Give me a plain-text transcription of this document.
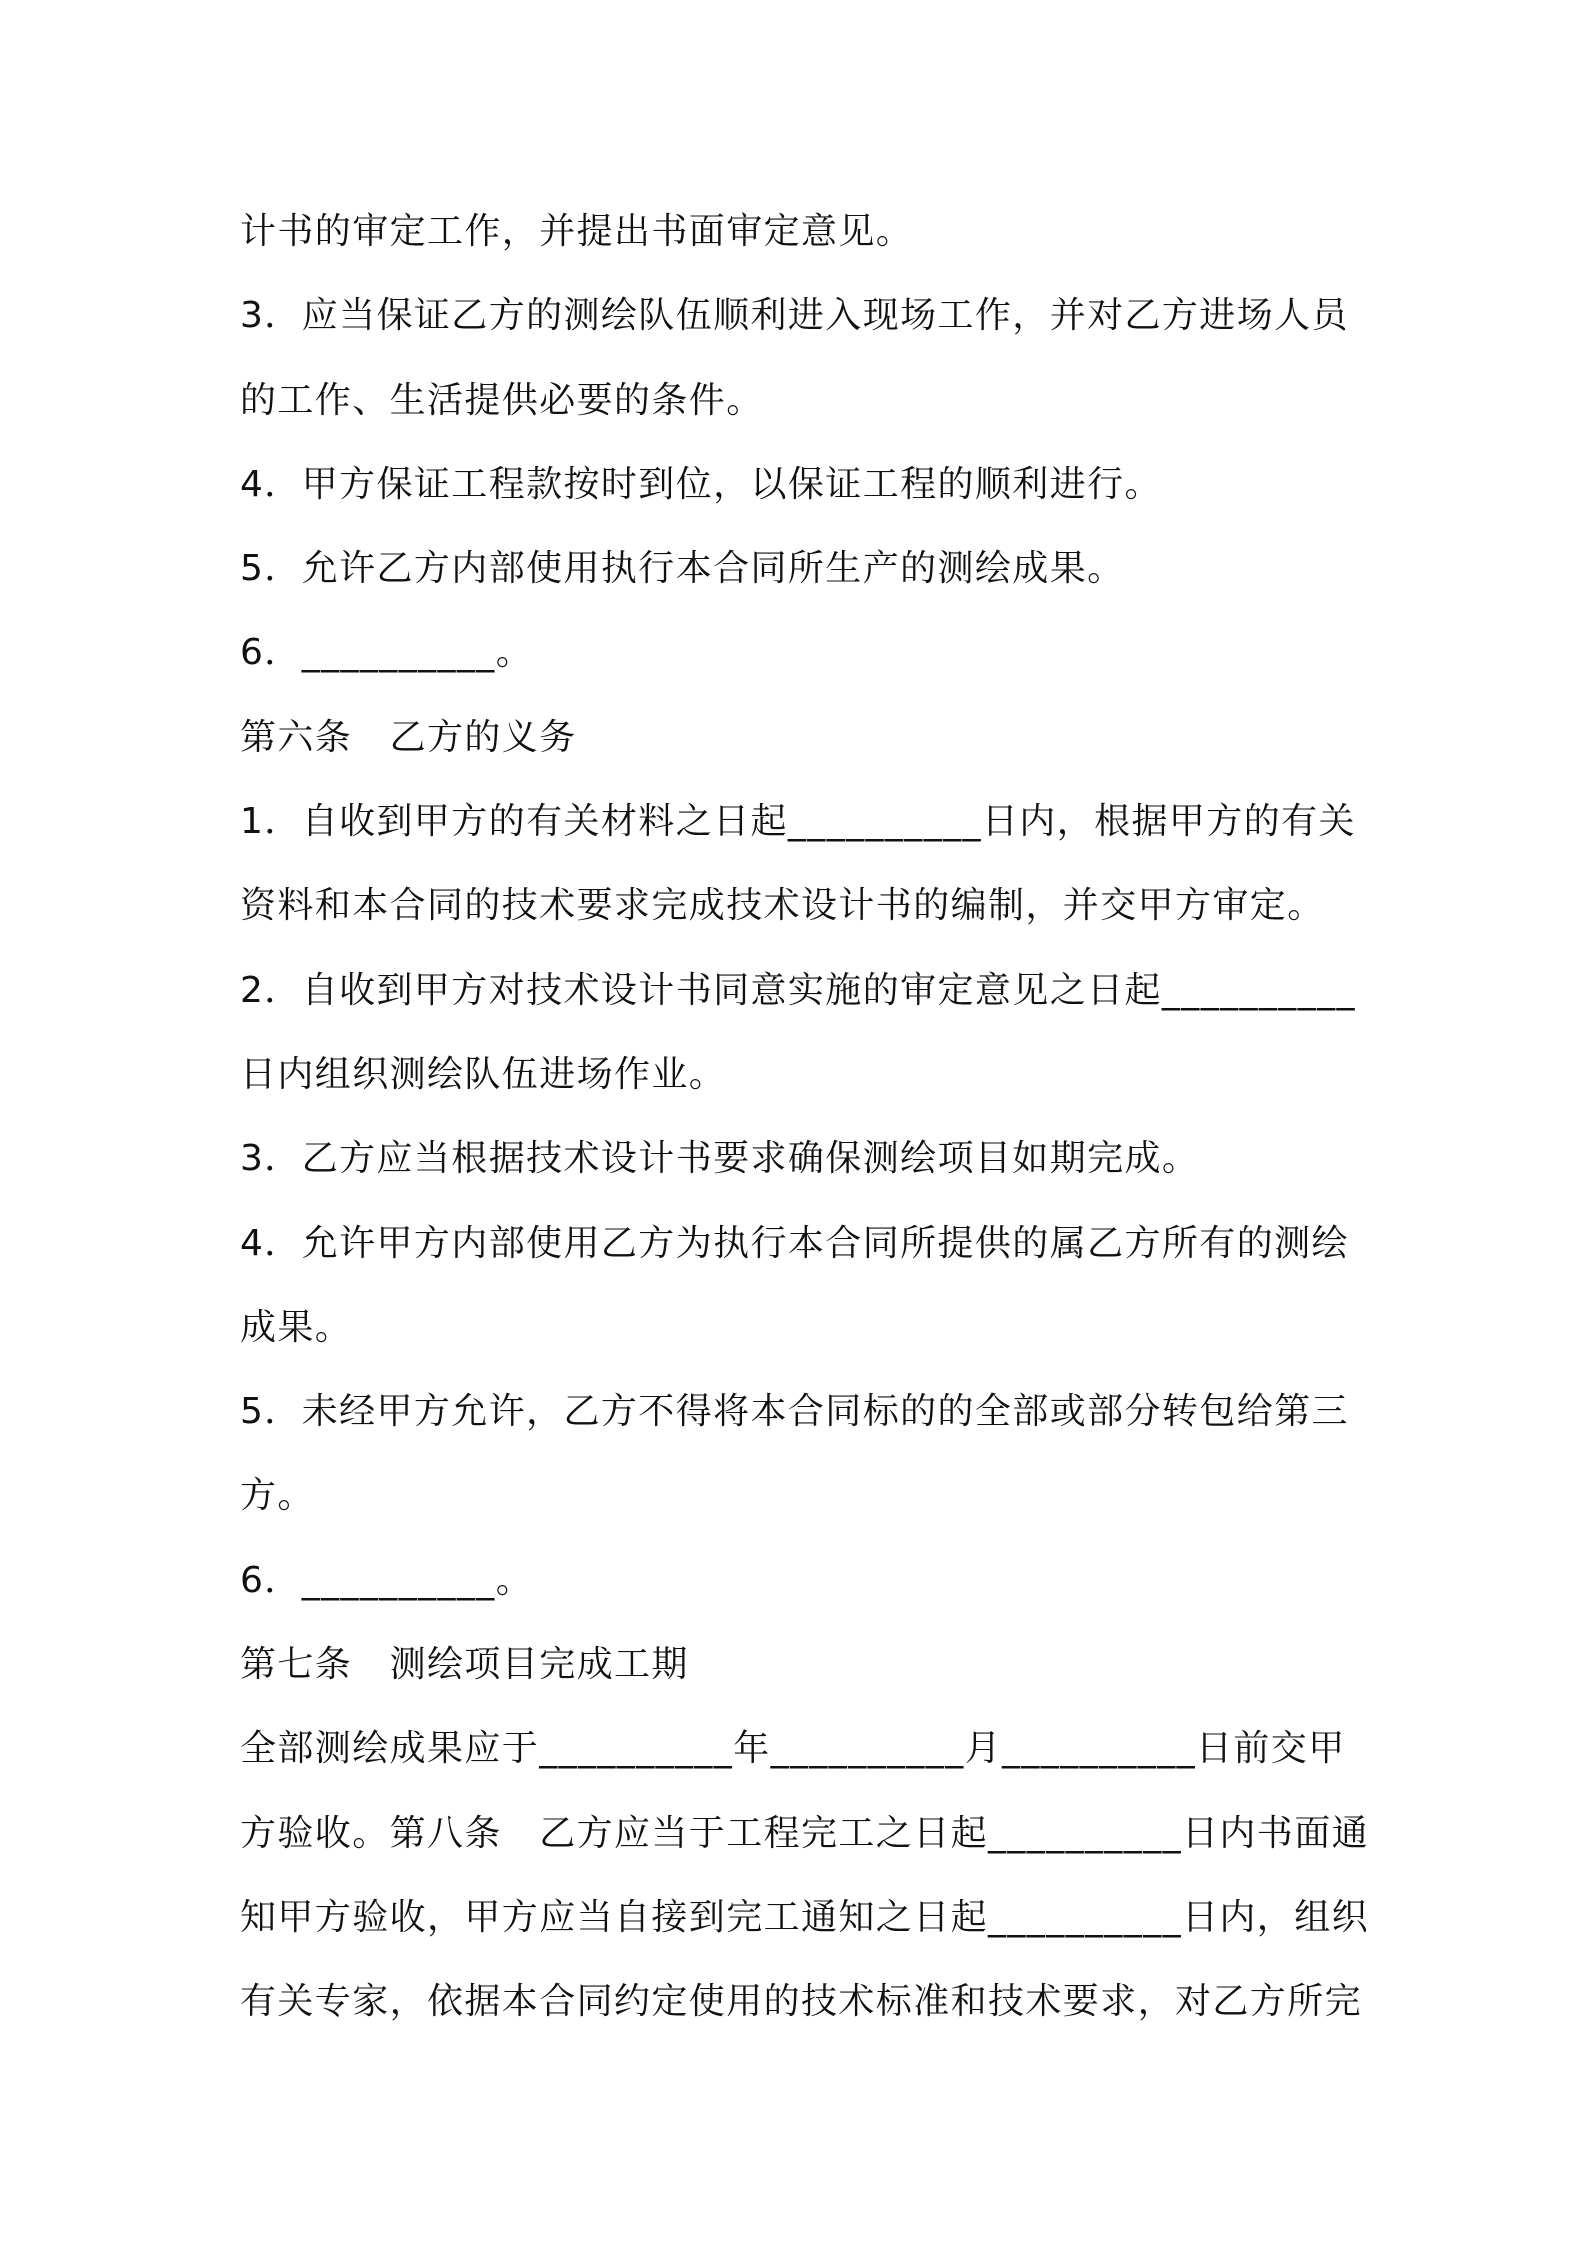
计书的审定工作，并提出书面审定意见。
3．应当保证乙方的测绘队伍顺利进入现场工作，并对乙方进场人员
的工作、生活提供必要的条件。
4．甲方保证工程款按时到位，以保证工程的顺利进行。
5．允许乙方内部使用执行本合同所生产的测绘成果。
6．__________。
第六条　乙方的义务
1．自收到甲方的有关材料之日起__________日内，根据甲方的有关
资料和本合同的技术要求完成技术设计书的编制，并交甲方审定。
2．自收到甲方对技术设计书同意实施的审定意见之日起__________
日内组织测绘队伍进场作业。
3．乙方应当根据技术设计书要求确保测绘项目如期完成。
4．允许甲方内部使用乙方为执行本合同所提供的属乙方所有的测绘
成果。
5．未经甲方允许，乙方不得将本合同标的的全部或部分转包给第三
方。
6．__________。
第七条　测绘项目完成工期
全部测绘成果应于__________年__________月__________日前交甲
方验收。第八条　乙方应当于工程完工之日起__________日内书面通
知甲方验收，甲方应当自接到完工通知之日起__________日内，组织
有关专家，依据本合同约定使用的技术标准和技术要求，对乙方所完
